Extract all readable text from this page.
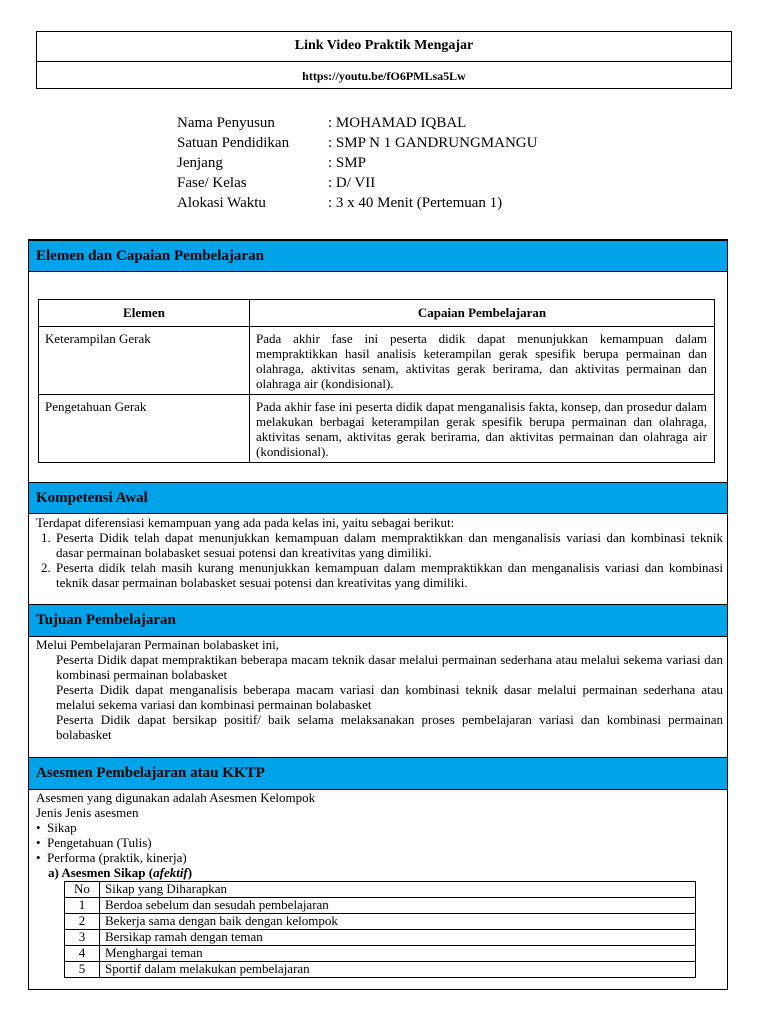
Link Video Praktik Mengajar
https://youtu.be/fO6PMLsa5Lw
Nama Penyusun	: MOHAMAD IQBAL
Satuan Pendidikan	: SMP N 1 GANDRUNGMANGU
Jenjang	: SMP
Fase/ Kelas	: D/ VII
Alokasi Waktu	: 3 x 40 Menit (Pertemuan 1)
Elemen dan Capaian Pembelajaran
Elemen	Capaian Pembelajaran
Keterampilan Gerak	Pada akhir fase ini peserta didik dapat menunjukkan kemampuan dalam mempraktikkan hasil analisis keterampilan gerak spesifik berupa permainan dan olahraga, aktivitas senam, aktivitas gerak berirama, dan aktivitas permainan dan olahraga air (kondisional).
Pengetahuan Gerak	Pada akhir fase ini peserta didik dapat menganalisis fakta, konsep, dan prosedur dalam melakukan berbagai keterampilan gerak spesifik berupa permainan dan olahraga, aktivitas senam, aktivitas gerak berirama, dan aktivitas permainan dan olahraga air (kondisional).
Kompetensi Awal

Terdapat diferensiasi kemampuan yang ada pada kelas ini, yaitu sebagai berikut:

1. Peserta Didik telah dapat menunjukkan kemampuan dalam mempraktikkan dan menganalisis variasi dan kombinasi teknik dasar permainan bolabasket sesuai potensi dan kreativitas yang dimiliki.
2. Peserta didik telah masih kurang menunjukkan kemampuan dalam mempraktikkan dan menganalisis variasi dan kombinasi teknik dasar permainan bolabasket sesuai potensi dan kreativitas yang dimiliki.
Tujuan Pembelajaran

Melui Pembelajaran Permainan bolabasket ini,

Peserta Didik dapat mempraktikan beberapa macam teknik dasar melalui permainan sederhana atau melalui sekema variasi dan kombinasi permainan bolabasket

Peserta Didik dapat menganalisis beberapa macam variasi dan kombinasi teknik dasar melalui permainan sederhana atau melalui sekema variasi dan kombinasi permainan bolabasket

Peserta Didik dapat bersikap positif/ baik selama melaksanakan proses pembelajaran variasi dan kombinasi permainan bolabasket

Asesmen Pembelajaran atau KKTP

Asesmen yang digunakan adalah Asesmen Kelompok

Jenis Jenis asesmen

• Sikap
• Pengetahuan (Tulis)
• Performa (praktik, kinerja)

a) Asesmen Sikap (afektif)

No	Sikap yang Diharapkan
1	Berdoa sebelum dan sesudah pembelajaran
2	Bekerja sama dengan baik dengan kelompok
3	Bersikap ramah dengan teman
4	Menghargai teman
5	Sportif dalam melakukan pembelajaran
